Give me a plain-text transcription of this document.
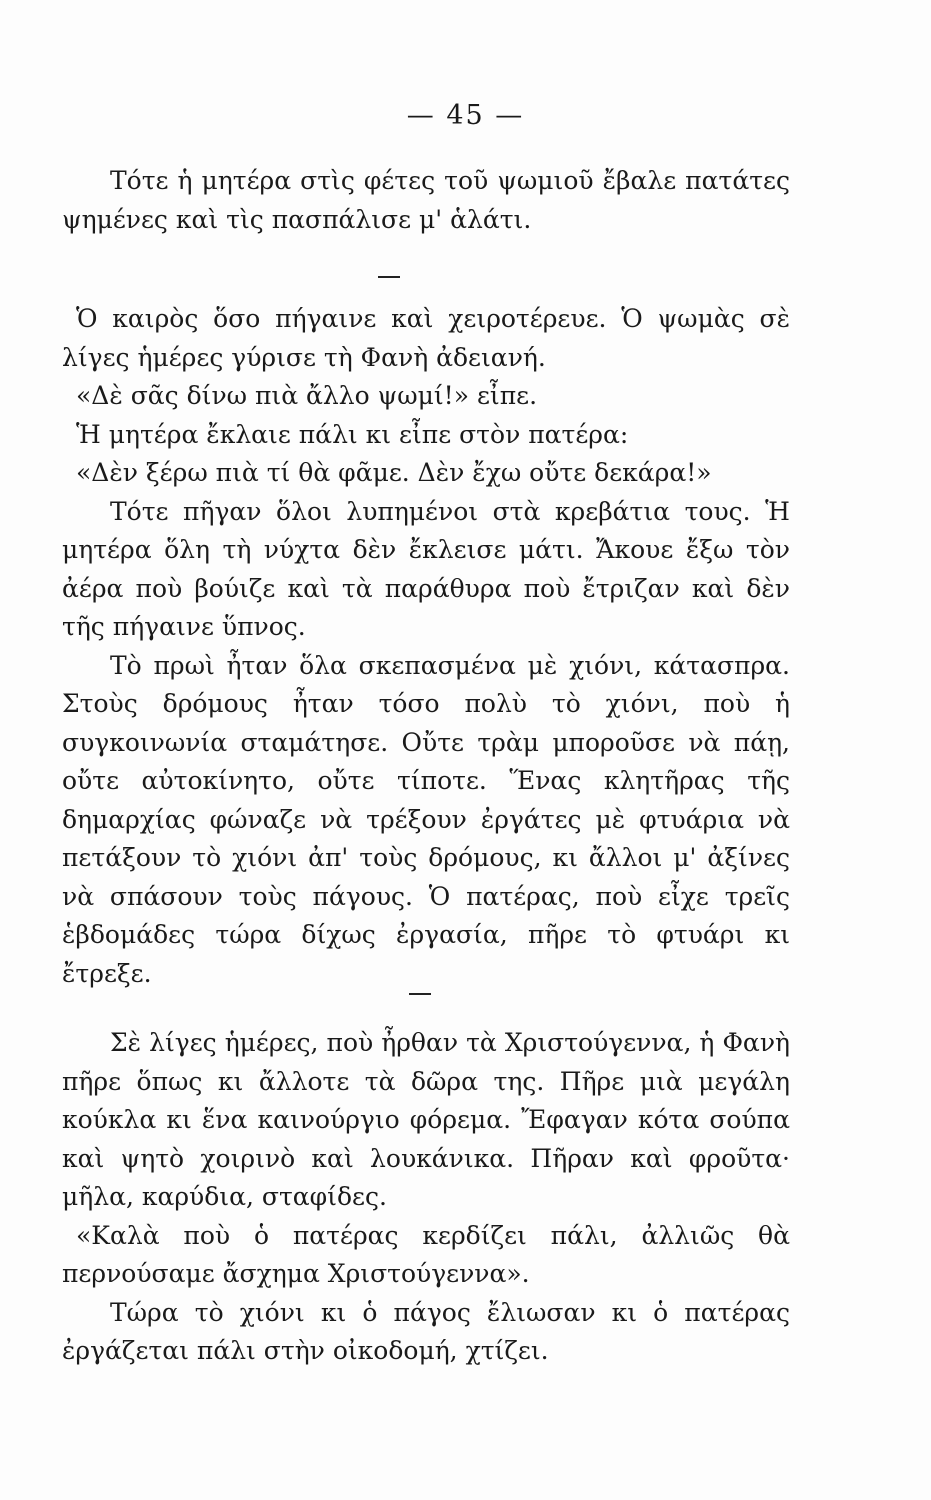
— 45 —

Τότε ἡ μητέρα στὶς φέτες τοῦ ψωμιοῦ ἔβαλε πατάτες ψημένες καὶ τὶς πασπάλισε μ' ἁλάτι.

Ὁ καιρὸς ὅσο πήγαινε καὶ χειροτέρευε. Ὁ ψωμὰς σὲ λίγες ἡμέρες γύρισε τὴ Φανὴ ἀδειανή.

«Δὲ σᾶς δίνω πιὰ ἄλλο ψωμί!» εἶπε.

Ἡ μητέρα ἔκλαιε πάλι κι εἶπε στὸν πατέρα:

«Δὲν ξέρω πιὰ τί θὰ φᾶμε. Δὲν ἔχω οὔτε δεκάρα!»

Τότε πῆγαν ὅλοι λυπημένοι στὰ κρεβάτια τους. Ἡ μητέρα ὅλη τὴ νύχτα δὲν ἔκλεισε μάτι. Ἄκουε ἔξω τὸν ἀέρα ποὺ βούιζε καὶ τὰ παράθυρα ποὺ ἔτριζαν καὶ δὲν τῆς πήγαινε ὕπνος.

Τὸ πρωὶ ἦταν ὅλα σκεπασμένα μὲ χιόνι, κάτασπρα. Στοὺς δρόμους ἦταν τόσο πολὺ τὸ χιόνι, ποὺ ἡ συγκοινωνία σταμάτησε. Οὔτε τρὰμ μποροῦσε νὰ πάῃ, οὔτε αὐτοκίνητο, οὔτε τίποτε. Ἕνας κλητῆρας τῆς δημαρχίας φώναζε νὰ τρέξουν ἐργάτες μὲ φτυάρια νὰ πετάξουν τὸ χιόνι ἀπ' τοὺς δρόμους, κι ἄλλοι μ' ἀξίνες νὰ σπάσουν τοὺς πάγους. Ὁ πατέρας, ποὺ εἶχε τρεῖς ἑβδομάδες τώρα δίχως ἐργασία, πῆρε τὸ φτυάρι κι ἔτρεξε.

Σὲ λίγες ἡμέρες, ποὺ ἦρθαν τὰ Χριστούγεννα, ἡ Φανὴ πῆρε ὅπως κι ἄλλοτε τὰ δῶρα της. Πῆρε μιὰ μεγάλη κούκλα κι ἕνα καινούργιο φόρεμα. Ἔφαγαν κότα σούπα καὶ ψητὸ χοιρινὸ καὶ λουκάνικα. Πῆραν καὶ φροῦτα· μῆλα, καρύδια, σταφίδες.

«Καλὰ ποὺ ὁ πατέρας κερδίζει πάλι, ἀλλιῶς θὰ περνούσαμε ἄσχημα Χριστούγεννα».

Τώρα τὸ χιόνι κι ὁ πάγος ἔλιωσαν κι ὁ πατέρας ἐργάζεται πάλι στὴν οἰκοδομή, χτίζει.
